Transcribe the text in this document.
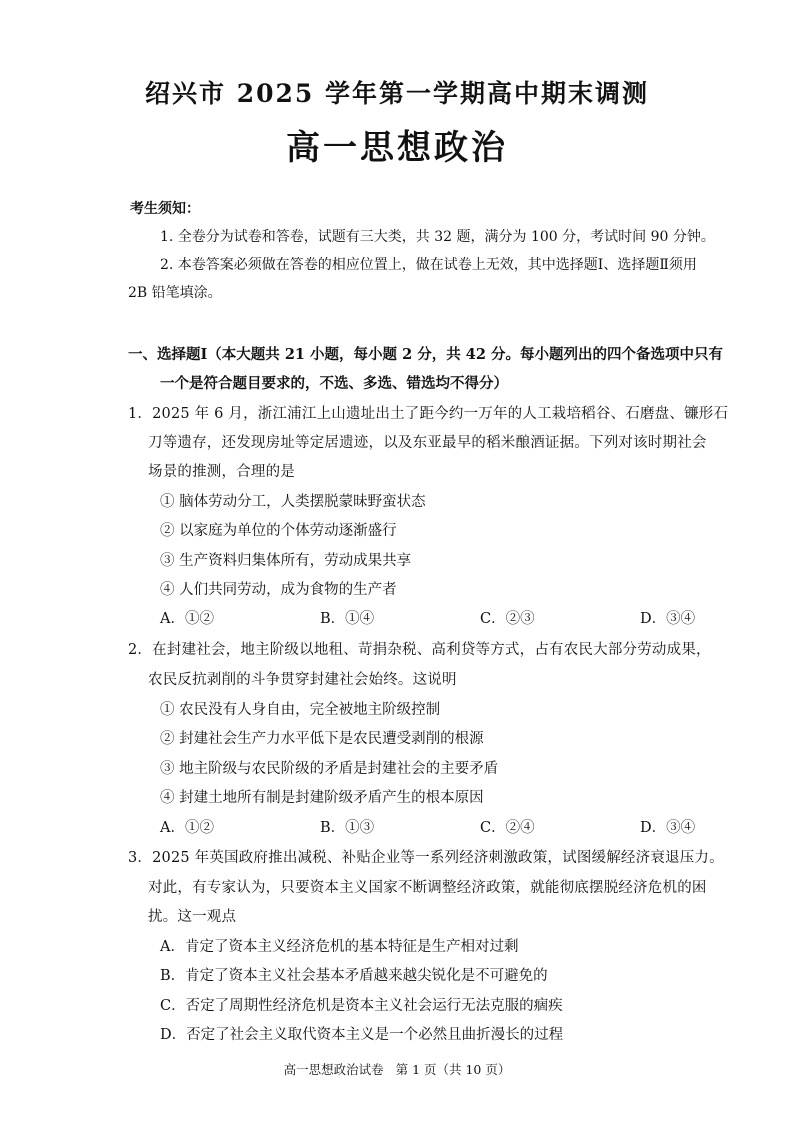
绍兴市 2025 学年第一学期高中期末调测
高一思想政治
考生须知：
1. 全卷分为试卷和答卷，试题有三大类，共 32 题，满分为 100 分，考试时间 90 分钟。
2. 本卷答案必须做在答卷的相应位置上，做在试卷上无效，其中选择题Ⅰ、选择题Ⅱ须用
2B 铅笔填涂。
一、选择题Ⅰ（本大题共 21 小题，每小题 2 分，共 42 分。每小题列出的四个备选项中只有
一个是符合题目要求的，不选、多选、错选均不得分）
1．2025 年 6 月，浙江浦江上山遗址出土了距今约一万年的人工栽培稻谷、石磨盘、镰形石
刀等遗存，还发现房址等定居遗迹，以及东亚最早的稻米酿酒证据。下列对该时期社会
场景的推测，合理的是
① 脑体劳动分工，人类摆脱蒙昧野蛮状态
② 以家庭为单位的个体劳动逐渐盛行
③ 生产资料归集体所有，劳动成果共享
④ 人们共同劳动，成为食物的生产者
A．①②	B．①④	C．②③	D．③④
2．在封建社会，地主阶级以地租、苛捐杂税、高利贷等方式，占有农民大部分劳动成果，
农民反抗剥削的斗争贯穿封建社会始终。这说明
① 农民没有人身自由，完全被地主阶级控制
② 封建社会生产力水平低下是农民遭受剥削的根源
③ 地主阶级与农民阶级的矛盾是封建社会的主要矛盾
④ 封建土地所有制是封建阶级矛盾产生的根本原因
A．①②	B．①③	C．②④	D．③④
3．2025 年英国政府推出减税、补贴企业等一系列经济刺激政策，试图缓解经济衰退压力。
对此，有专家认为，只要资本主义国家不断调整经济政策，就能彻底摆脱经济危机的困
扰。这一观点
A．肯定了资本主义经济危机的基本特征是生产相对过剩
B．肯定了资本主义社会基本矛盾越来越尖锐化是不可避免的
C．否定了周期性经济危机是资本主义社会运行无法克服的痼疾
D．否定了社会主义取代资本主义是一个必然且曲折漫长的过程
高一思想政治试卷 第 1 页（共 10 页）
